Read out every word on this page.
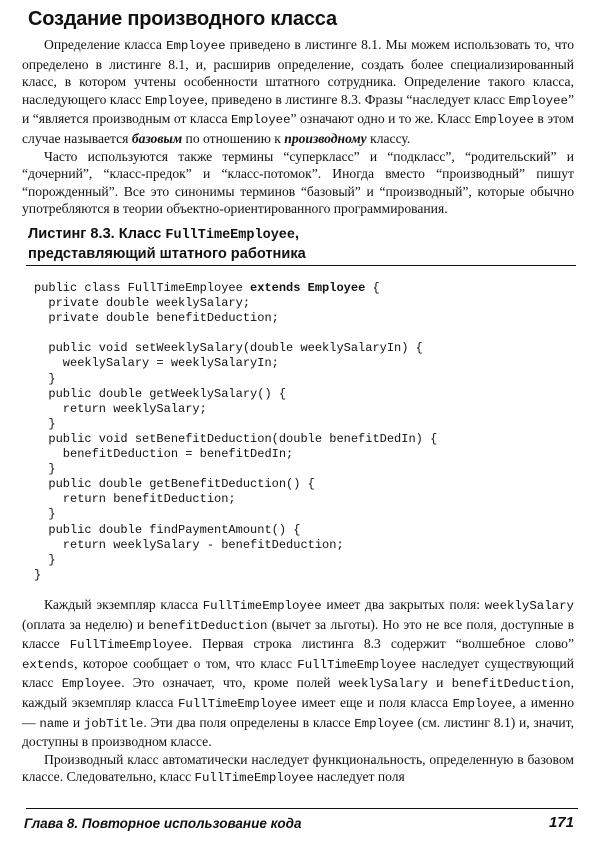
Создание производного класса

Определение класса Employee приведено в листинге 8.1. Мы можем использовать то, что определено в листинге 8.1, и, расширив определение, создать более специализированный класс, в котором учтены особенности штатного сотрудника. Определение такого класса, наследующего класс Employee, приведено в листинге 8.3. Фразы “наследует класс Employee” и “является производным от класса Employee” означают одно и то же. Класс Employee в этом случае называется базовым по отношению к производному классу.

Часто используются также термины “суперкласс” и “подкласс”, “родительский” и “дочерний”, “класс-предок” и “класс-потомок”. Иногда вместо “производный” пишут “порожденный”. Все это синонимы терминов “базовый” и “производный”, которые обычно употребляются в теории объектно-ориентированного программирования.

Листинг 8.3. Класс FullTimeEmployee,
представляющий штатного работника
public class FullTimeEmployee extends Employee {
private double weeklySalary;
private double benefitDeduction;

public void setWeeklySalary(double weeklySalaryIn) {
weeklySalary = weeklySalaryIn;
}
public double getWeeklySalary() {
return weeklySalary;
}
public void setBenefitDeduction(double benefitDedIn) {
benefitDeduction = benefitDedIn;
}
public double getBenefitDeduction() {
return benefitDeduction;
}
public double findPaymentAmount() {
return weeklySalary - benefitDeduction;
}
}

Каждый экземпляр класса FullTimeEmployee имеет два закрытых поля: weeklySalary (оплата за неделю) и benefitDeduction (вычет за льготы). Но это не все поля, доступные в классе FullTimeEmployee. Первая строка листинга 8.3 содержит “волшебное слово” extends, которое сообщает о том, что класс FullTimeEmployee наследует существующий класс Employee. Это означает, что, кроме полей weeklySalary и benefitDeduction, каждый экземпляр класса FullTimeEmployee имеет еще и поля класса Employee, а именно — name и jobTitle. Эти два поля определены в классе Employee (см. листинг 8.1) и, значит, доступны в производном классе.

Производный класс автоматически наследует функциональность, определенную в базовом классе. Следовательно, класс FullTimeEmployee наследует поля

Глава 8. Повторное использование кода	171
